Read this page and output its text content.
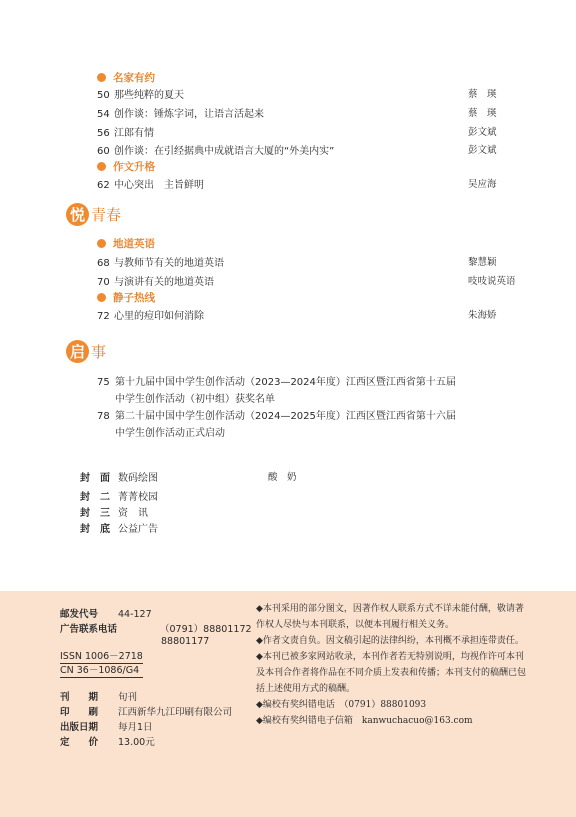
名家有约
50 那些纯粹的夏天	蔡　瑛
54 创作谈：锤炼字词，让语言活起来	蔡　瑛
56 江郎有情	彭文斌
60 创作谈：在引经据典中成就语言大厦的“外美内实”	彭文斌
作文升格
62 中心突出　主旨鲜明	吴应海
悦 青春
地道英语
68 与教师节有关的地道英语	黎慧颖
70 与演讲有关的地道英语	吱吱说英语
静子热线
72 心里的痘印如何消除	朱海娇
启 事
75 第十九届中国中学生创作活动（2023—2024年度）江西区暨江西省第十五届
中学生创作活动（初中组）获奖名单
78 第二十届中国中学生创作活动（2024—2025年度）江西区暨江西省第十六届
中学生创作活动正式启动
封　面 数码绘图	酸　奶
封　二 菁菁校园
封　三 资　讯
封　底 公益广告
邮发代号 44-127
广告联系电话	（0791）88801172
88801177
ISSN 1006－2718
CN 36－1086/G4
刊　　期 旬刊
印　　刷 江西新华九江印刷有限公司
出版日期 每月1日
定　　价 13.00元

◆本刊采用的部分图文，因著作权人联系方式不详未能付酬，敬请著作权人尽快与本刊联系，以便本刊履行相关义务。

◆作者文责自负。因文稿引起的法律纠纷，本刊概不承担连带责任。

◆本刊已被多家网站收录，本刊作者若无特别说明，均视作许可本刊及本刊合作者将作品在不同介质上发表和传播；本刊支付的稿酬已包括上述使用方式的稿酬。

◆编校有奖纠错电话　（0791）88801093

◆编校有奖纠错电子信箱　kanwuchacuo@163.com
